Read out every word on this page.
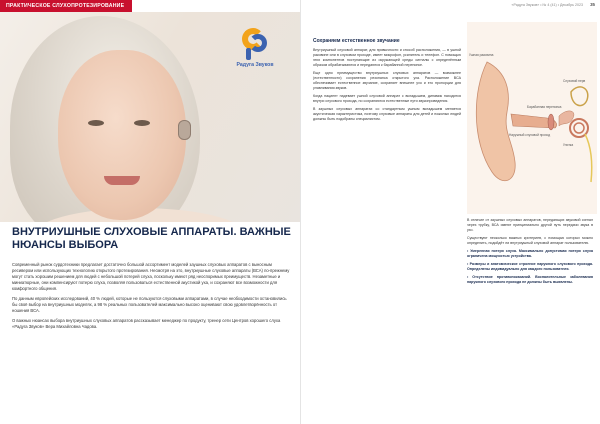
ПРАКТИЧЕСКОЕ СЛУХОПРОТЕЗИРОВАНИЕ
Радуга Звуков
ВНУТРИУШНЫЕ СЛУХОВЫЕ АППАРАТЫ. ВАЖНЫЕ НЮАНСЫ ВЫБОРА

Современный рынок сурдотехники предлагает достаточно большой ассортимент моделей заушных слуховых аппаратов с выносным ресивером или использующих технологию открытого протезирования. Несмотря на это, внутриушные слуховые аппараты (ВСА) по-прежнему могут стать хорошим решением для людей с небольшой потерей слуха, поскольку имеют ряд неоспоримых преимуществ. Незаметные и миниатюрные, они компенсируют потерю слуха, позволяя пользоваться естественной акустикой уха, и сохраняют все возможности для комфортного общения.

По данным европейских исследований, 40 % людей, которые не пользуются слуховыми аппаратами, в случае необходимости остановились бы своё выбор на внутриушных моделях, а 98 % реальных пользователей максимально высоко оценивают свою удовлетворённость от ношения ВСА.

О важных нюансах выбора внутриушных слуховых аппаратов рассказывает менеджер по продукту, тренер сети Центров хорошего слуха «Радуга Звуков» Вера Михайловна Чадова.

«Радуга Звуков» • № 4 (41) • Декабрь 2023 35
Сохраняем естественное звучание

Внутриушный слуховой аппарат, для привычности и способ расположения, — в ушной раковине или в слуховом проходе, имеет микрофон, усилитель и телефон. С помощью этих компонентов поступающие из окружающей среды сигналы с определённым образом обрабатываются и передаются к барабанной перепонке.

Еще одно преимущество внутриушных слуховых аппаратов — возможнее (естественности) сохранения резонанса открытого уха. Расположение ВСА обеспечивает естественное звучание, сохраняет внешнее ухо и его пропорции для улавливания звуков.

Когда пациент надевает ушной слуховой аппарат с вкладышем, динамик находится внутри слухового прохода, но сохраняются естественные пути звукопроведения.

В заушных слуховых аппаратах со стандартным ушным вкладышем меняется акустическая характеристика, поэтому слуховые аппараты для детей и пожилых людей должны быть подобраны специалистом.

Ушная раковина
Наружный слуховой проход
Барабанная перепонка
Улитка
Слуховой нерв

В отличие от заушных слуховых аппаратов, передающих звуковой сигнал через трубку, ВСА имеют принципиально другой путь передачи звука в ухо.

Существуют несколько важных критериев, с помощью которых можно определить, подойдёт ли внутриушный слуховой аппарат пользователю.

• Умеренная потеря слуха. Максимально допустимая потеря слуха ограничена мощностью устройства.

• Размеры и анатомическое строение наружного слухового прохода. Определены индивидуально для каждого пользователя.

• Отсутствие противопоказаний. Воспалительные заболевания наружного слухового прохода не должны быть выявлены.
